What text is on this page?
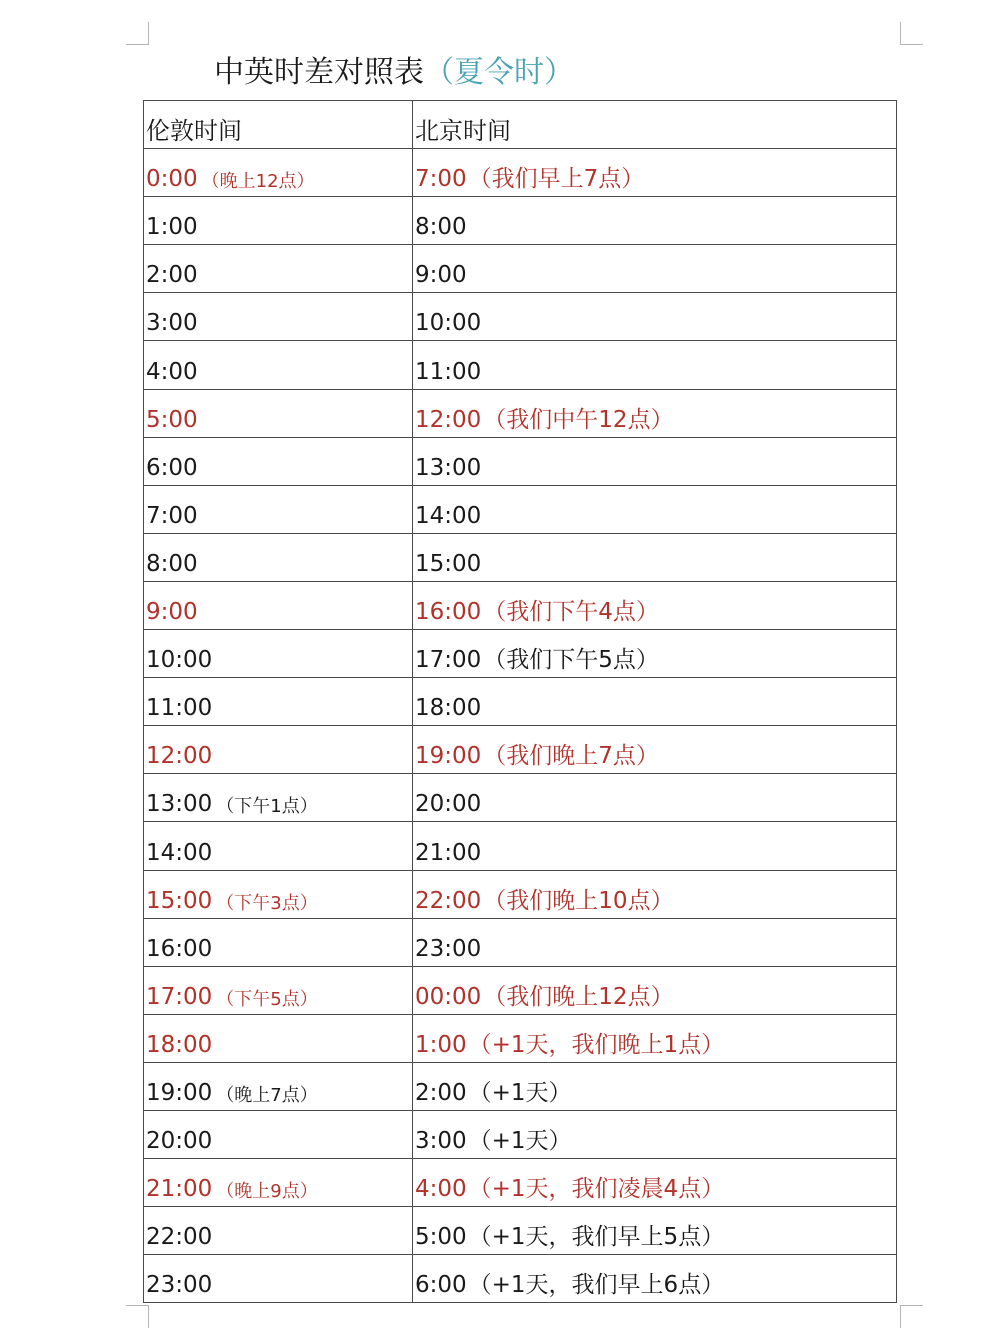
中英时差对照表（夏令时）
伦敦时间	北京时间
0:00 （晚上12点）	7:00 （我们早上7点）
1:00	8:00
2:00	9:00
3:00	10:00
4:00	11:00
5:00	12:00 （我们中午12点）
6:00	13:00
7:00	14:00
8:00	15:00
9:00	16:00 （我们下午4点）
10:00	17:00 （我们下午5点）
11:00	18:00
12:00	19:00 （我们晚上7点）
13:00 （下午1点）	20:00
14:00	21:00
15:00 （下午3点）	22:00 （我们晚上10点）
16:00	23:00
17:00 （下午5点）	00:00 （我们晚上12点）
18:00	1:00 （+1天，我们晚上1点）
19:00 （晚上7点）	2:00 （+1天）
20:00	3:00 （+1天）
21:00 （晚上9点）	4:00 （+1天，我们凌晨4点）
22:00	5:00 （+1天，我们早上5点）
23:00	6:00 （+1天，我们早上6点）
